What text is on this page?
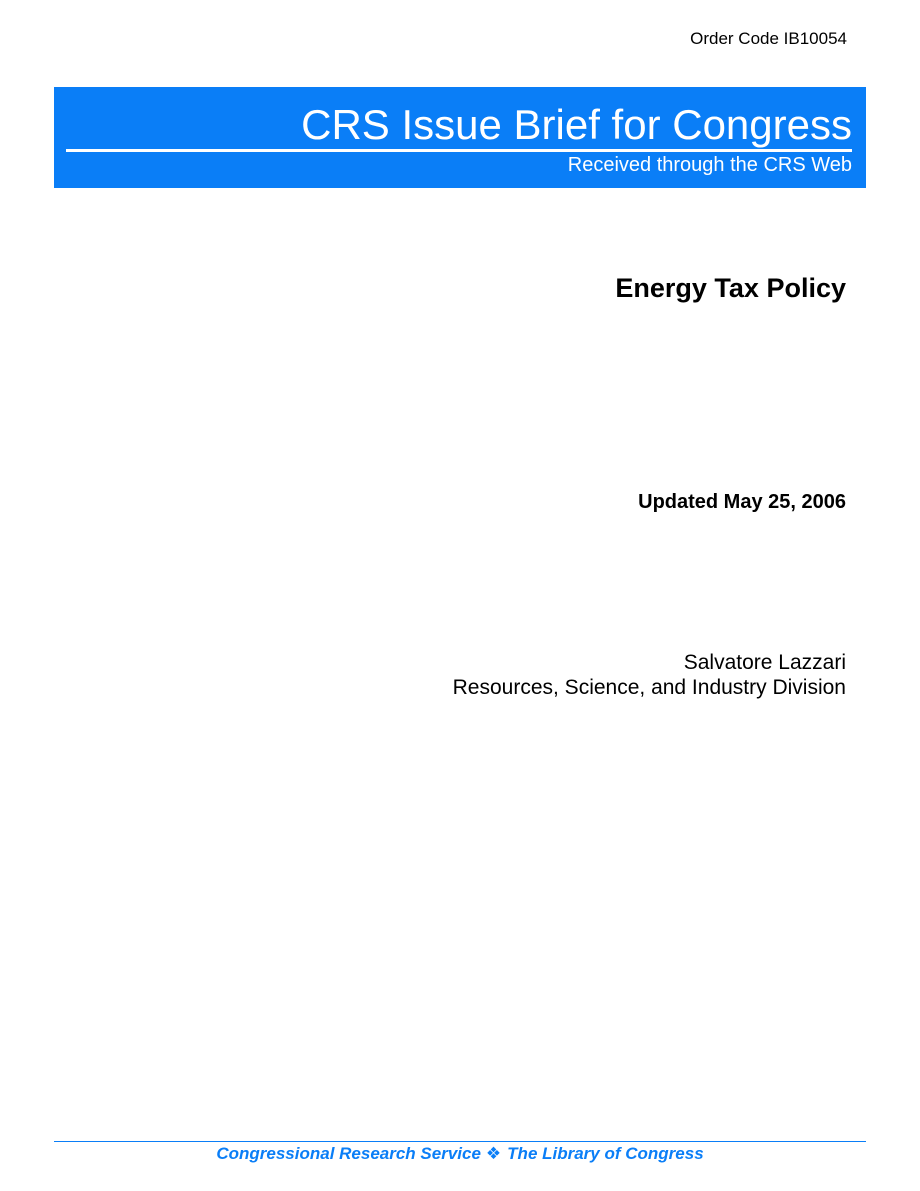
Order Code IB10054
CRS Issue Brief for Congress
Received through the CRS Web
Energy Tax Policy
Updated May 25, 2006
Salvatore Lazzari
Resources, Science, and Industry Division
Congressional Research Service ❖ The Library of Congress
